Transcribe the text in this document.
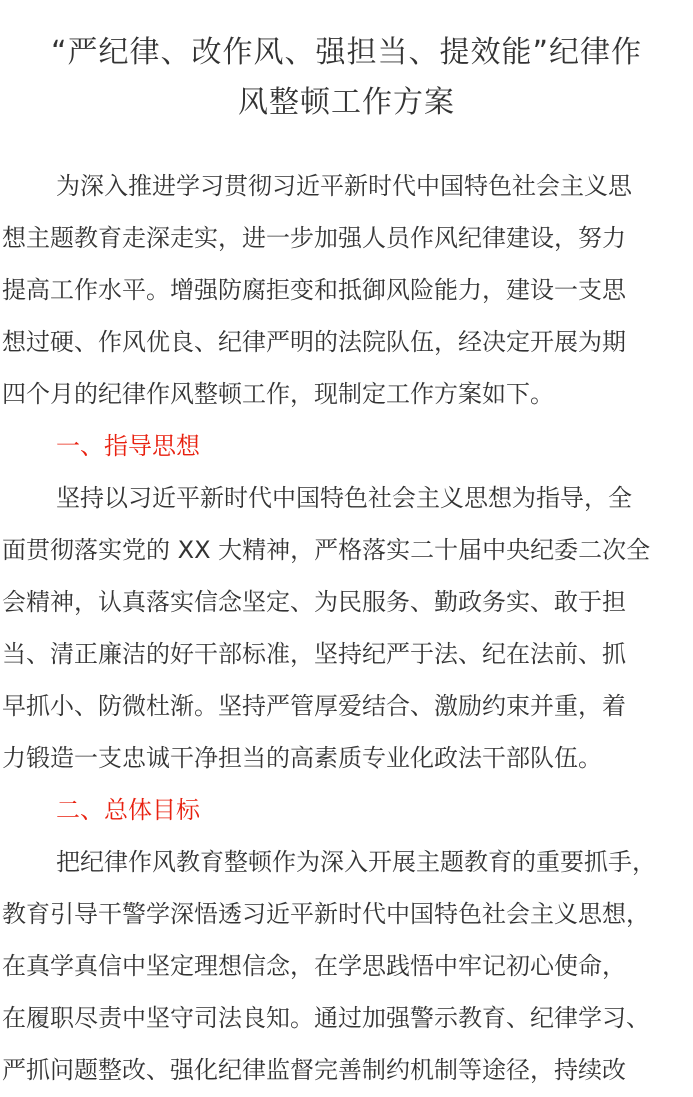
“严纪律、改作风、强担当、提效能”纪律作
风整顿工作方案

为深入推进学习贯彻习近平新时代中国特色社会主义思
想主题教育走深走实，进一步加强人员作风纪律建设，努力
提高工作水平。增强防腐拒变和抵御风险能力，建设一支思
想过硬、作风优良、纪律严明的法院队伍，经决定开展为期
四个月的纪律作风整顿工作，现制定工作方案如下。

一、指导思想

坚持以习近平新时代中国特色社会主义思想为指导，全
面贯彻落实党的 XX 大精神，严格落实二十届中央纪委二次全
会精神，认真落实信念坚定、为民服务、勤政务实、敢于担
当、清正廉洁的好干部标准，坚持纪严于法、纪在法前、抓
早抓小、防微杜渐。坚持严管厚爱结合、激励约束并重，着
力锻造一支忠诚干净担当的高素质专业化政法干部队伍。

二、总体目标

把纪律作风教育整顿作为深入开展主题教育的重要抓手，
教育引导干警学深悟透习近平新时代中国特色社会主义思想，
在真学真信中坚定理想信念，在学思践悟中牢记初心使命，
在履职尽责中坚守司法良知。通过加强警示教育、纪律学习、
严抓问题整改、强化纪律监督完善制约机制等途径，持续改
